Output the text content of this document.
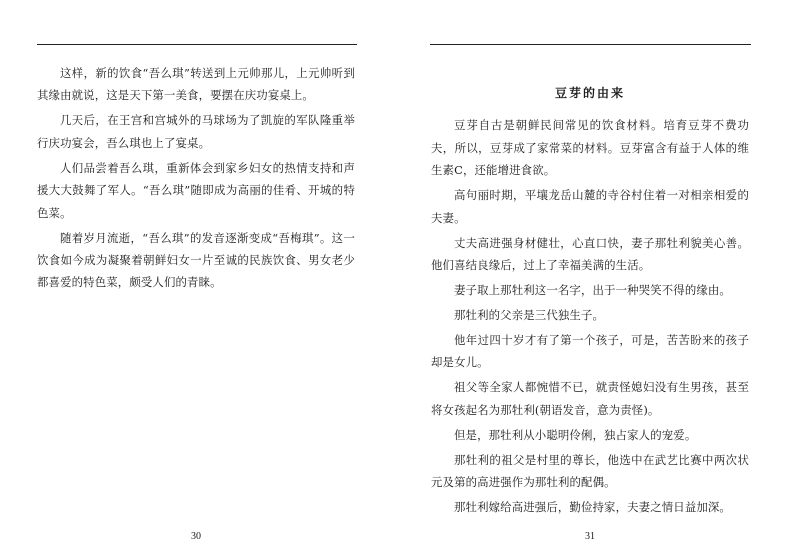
这样，新的饮食“吾么琪”转送到上元帅那儿，上元帅听到其缘由就说，这是天下第一美食，要摆在庆功宴桌上。

几天后，在王宫和宫城外的马球场为了凯旋的军队隆重举行庆功宴会，吾么琪也上了宴桌。

人们品尝着吾么琪，重新体会到家乡妇女的热情支持和声援大大鼓舞了军人。“吾么琪”随即成为高丽的佳肴、开城的特色菜。

随着岁月流逝，“吾么琪”的发音逐渐变成“吾梅琪”。这一饮食如今成为凝聚着朝鲜妇女一片至诚的民族饮食、男女老少都喜爱的特色菜，颇受人们的青睐。

30
豆芽的由来

豆芽自古是朝鲜民间常见的饮食材料。培育豆芽不费功夫，所以，豆芽成了家常菜的材料。豆芽富含有益于人体的维生素C，还能增进食欲。

高句丽时期，平壤龙岳山麓的寺谷村住着一对相亲相爱的夫妻。

丈夫高进强身材健壮，心直口快，妻子那牡利貌美心善。他们喜结良缘后，过上了幸福美满的生活。

妻子取上那牡利这一名字，出于一种哭笑不得的缘由。

那牡利的父亲是三代独生子。

他年过四十岁才有了第一个孩子，可是，苦苦盼来的孩子却是女儿。

祖父等全家人都惋惜不已，就责怪媳妇没有生男孩，甚至将女孩起名为那牡利(朝语发音，意为责怪)。

但是，那牡利从小聪明伶俐，独占家人的宠爱。

那牡利的祖父是村里的尊长，他选中在武艺比赛中两次状元及第的高进强作为那牡利的配偶。

那牡利嫁给高进强后，勤俭持家，夫妻之情日益加深。

31
